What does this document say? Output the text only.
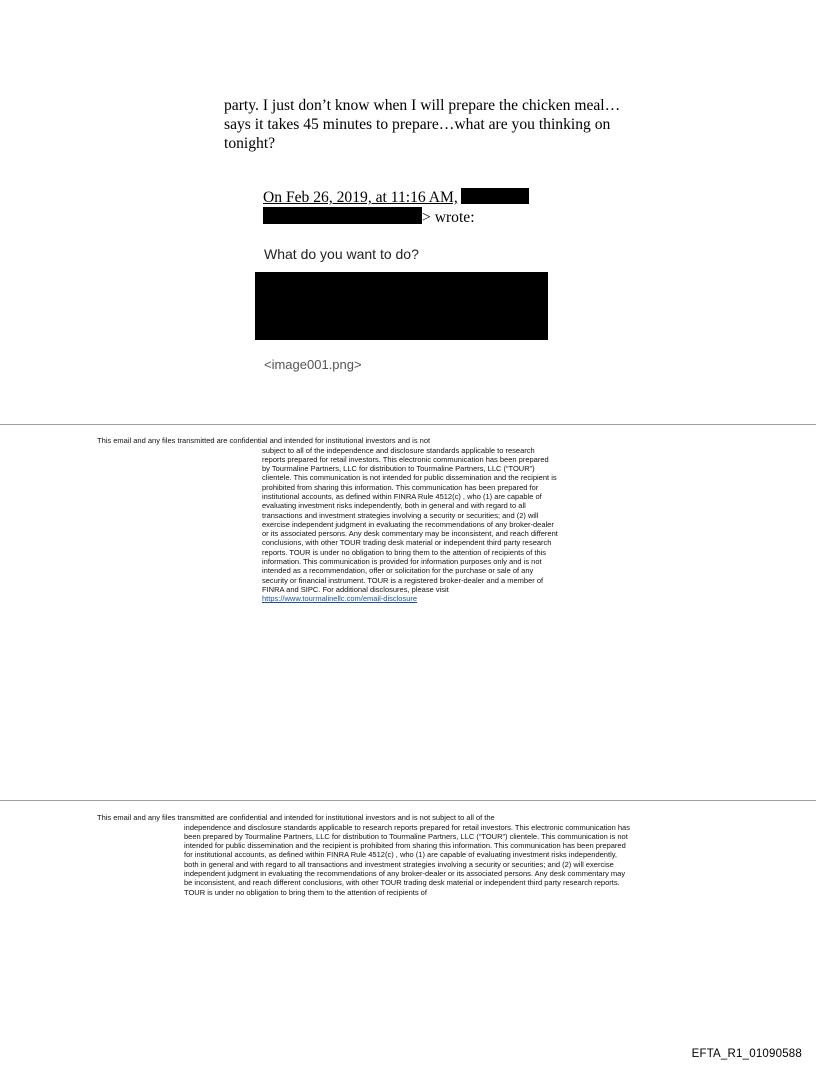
party. I just don’t know when I will prepare the chicken meal…says it takes 45 minutes to prepare…what are you thinking on tonight?

On Feb 26, 2019, at 11:16 AM,
> wrote:
What do you want to do?
<image001.png>
This email and any files transmitted are confidential and intended for institutional investors and is not

subject to all of the independence and disclosure standards applicable to research reports prepared for retail investors. This electronic communication has been prepared by Tourmaline Partners, LLC for distribution to Tourmaline Partners, LLC (“TOUR”) clientele. This communication is not intended for public dissemination and the recipient is prohibited from sharing this information. This communication has been prepared for institutional accounts, as defined within FINRA Rule 4512(c) , who (1) are capable of evaluating investment risks independently, both in general and with regard to all transactions and investment strategies involving a security or securities; and (2) will exercise independent judgment in evaluating the recommendations of any broker-dealer or its associated persons. Any desk commentary may be inconsistent, and reach different conclusions, with other TOUR trading desk material or independent third party research reports. TOUR is under no obligation to bring them to the attention of recipients of this information. This communication is provided for information purposes only and is not intended as a recommendation, offer or solicitation for the purchase or sale of any security or financial instrument. TOUR is a registered broker-dealer and a member of FINRA and SIPC. For additional disclosures, please visit https://www.tourmalinellc.com/email-disclosure

This email and any files transmitted are confidential and intended for institutional investors and is not subject to all of the

independence and disclosure standards applicable to research reports prepared for retail investors. This electronic communication has been prepared by Tourmaline Partners, LLC for distribution to Tourmaline Partners, LLC (“TOUR”) clientele. This communication is not intended for public dissemination and the recipient is prohibited from sharing this information. This communication has been prepared for institutional accounts, as defined within FINRA Rule 4512(c) , who (1) are capable of evaluating investment risks independently, both in general and with regard to all transactions and investment strategies involving a security or securities; and (2) will exercise independent judgment in evaluating the recommendations of any broker-dealer or its associated persons. Any desk commentary may be inconsistent, and reach different conclusions, with other TOUR trading desk material or independent third party research reports. TOUR is under no obligation to bring them to the attention of recipients of

EFTA_R1_01090588
